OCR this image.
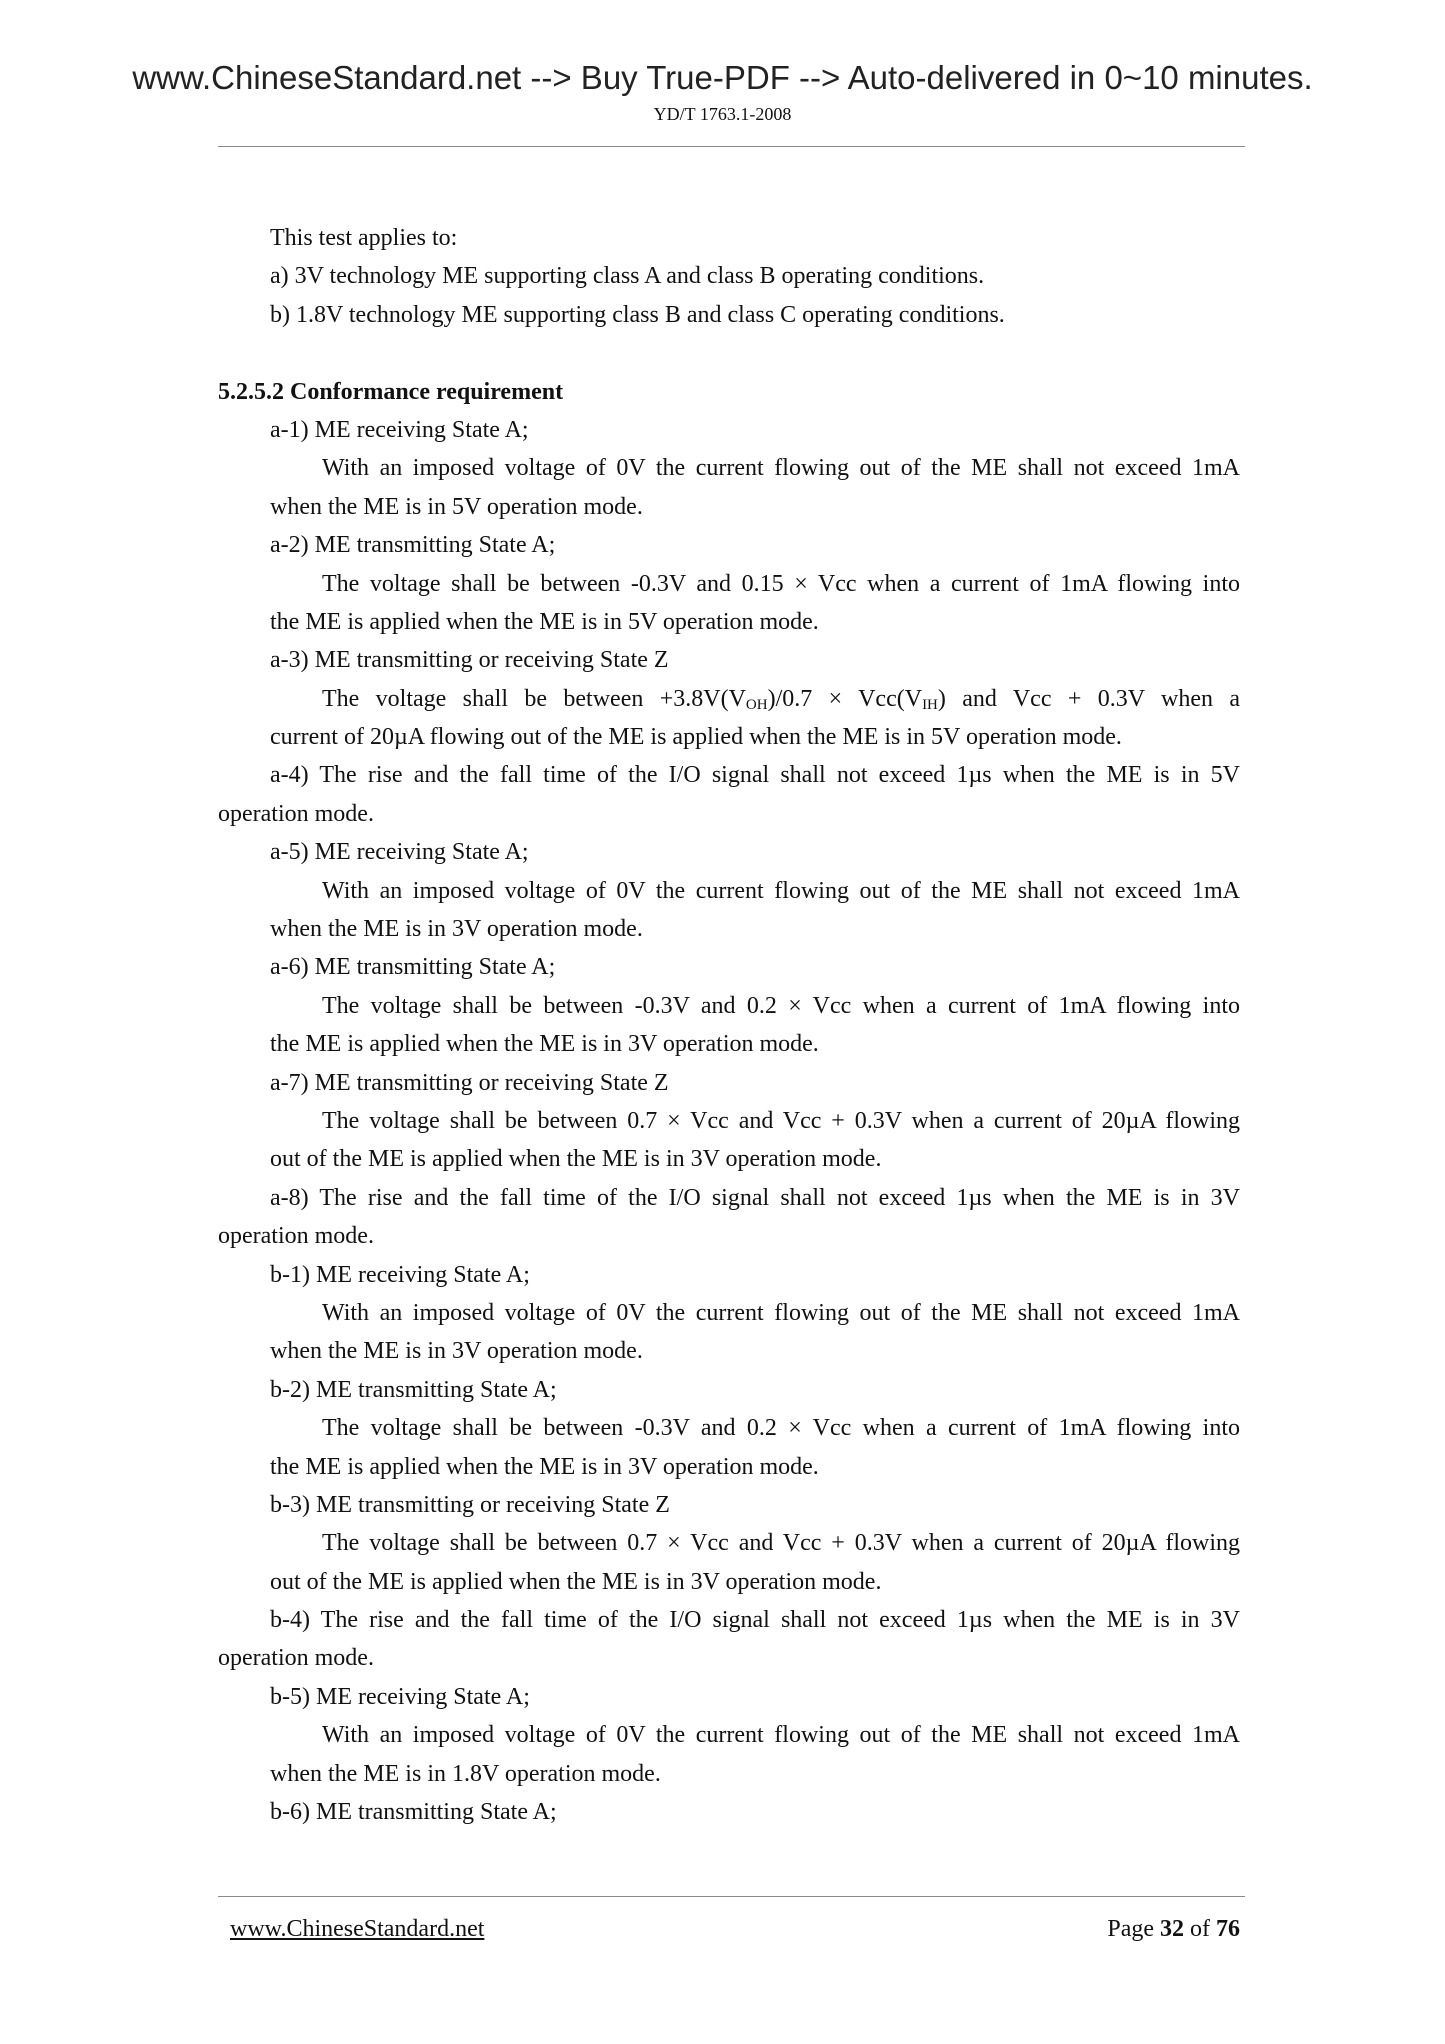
www.ChineseStandard.net --> Buy True-PDF --> Auto-delivered in 0~10 minutes.
YD/T 1763.1-2008
This test applies to:
a) 3V technology ME supporting class A and class B operating conditions.
b) 1.8V technology ME supporting class B and class C operating conditions.
5.2.5.2 Conformance requirement
a-1) ME receiving State A;
With an imposed voltage of 0V the current flowing out of the ME shall not exceed 1mA
when the ME is in 5V operation mode.
a-2) ME transmitting State A;
The voltage shall be between -0.3V and 0.15 × Vcc when a current of 1mA flowing into
the ME is applied when the ME is in 5V operation mode.
a-3) ME transmitting or receiving State Z
The voltage shall be between $+3.8V(V_{OH})/0.7 \times Vcc(V_{IH})$ and Vcc + 0.3V when a
current of 20µA flowing out of the ME is applied when the ME is in 5V operation mode.
a-4) The rise and the fall time of the I/O signal shall not exceed 1µs when the ME is in 5V
operation mode.
a-5) ME receiving State A;
With an imposed voltage of 0V the current flowing out of the ME shall not exceed 1mA
when the ME is in 3V operation mode.
a-6) ME transmitting State A;
The voltage shall be between -0.3V and 0.2 × Vcc when a current of 1mA flowing into
the ME is applied when the ME is in 3V operation mode.
a-7) ME transmitting or receiving State Z
The voltage shall be between 0.7 × Vcc and Vcc + 0.3V when a current of 20µA flowing
out of the ME is applied when the ME is in 3V operation mode.
a-8) The rise and the fall time of the I/O signal shall not exceed 1µs when the ME is in 3V
operation mode.
b-1) ME receiving State A;
With an imposed voltage of 0V the current flowing out of the ME shall not exceed 1mA
when the ME is in 3V operation mode.
b-2) ME transmitting State A;
The voltage shall be between -0.3V and 0.2 × Vcc when a current of 1mA flowing into
the ME is applied when the ME is in 3V operation mode.
b-3) ME transmitting or receiving State Z
The voltage shall be between 0.7 × Vcc and Vcc + 0.3V when a current of 20µA flowing
out of the ME is applied when the ME is in 3V operation mode.
b-4) The rise and the fall time of the I/O signal shall not exceed 1µs when the ME is in 3V
operation mode.
b-5) ME receiving State A;
With an imposed voltage of 0V the current flowing out of the ME shall not exceed 1mA
when the ME is in 1.8V operation mode.
b-6) ME transmitting State A;
www.ChineseStandard.net	Page 32 of 76
